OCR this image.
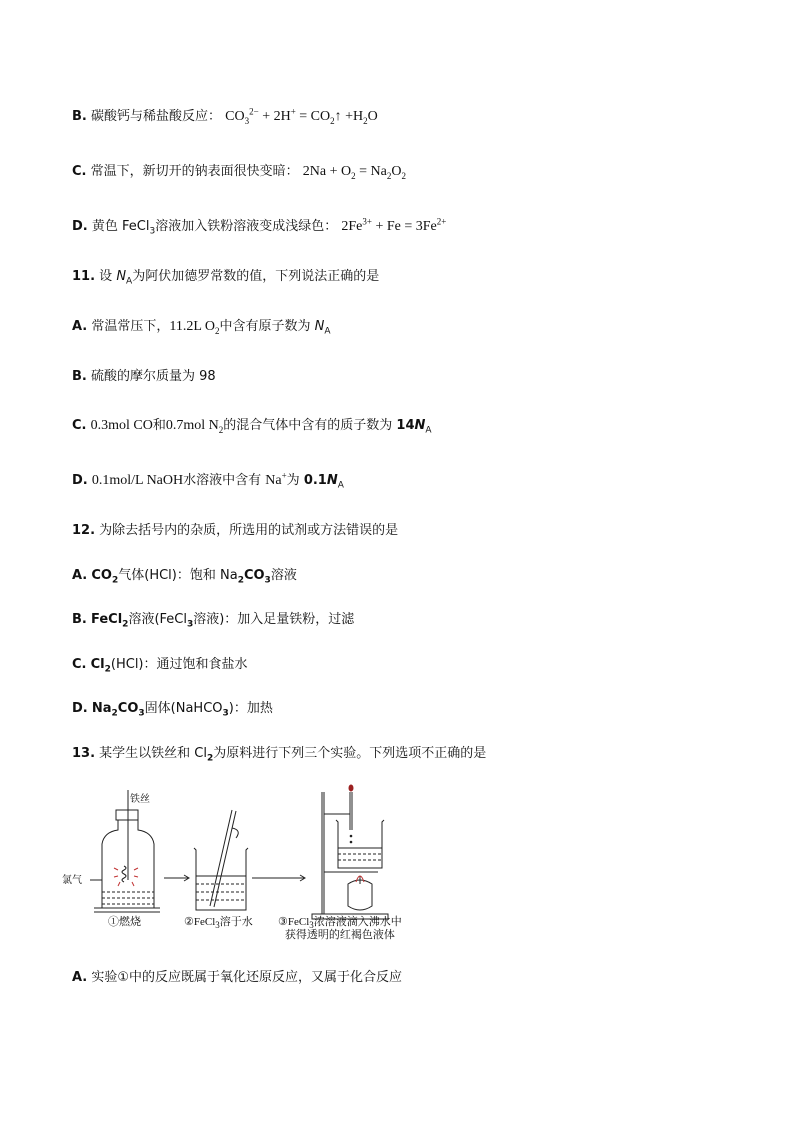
B. 碳酸钙与稀盐酸反应： $CO_3^{2-} + 2H^+$ = $CO_2↑ +H_2O$
C. 常温下，新切开的钠表面很快变暗： $2Na + O_2 = Na_2O_2$
D. 黄色 FeCl$_3$溶液加入铁粉溶液变成浅绿色： $2Fe^{3+} + Fe = 3Fe^{2+}$
11. 设 $N_A$为阿伏加德罗常数的值，下列说法正确的是
A. 常温常压下，11.2L $O_2$中含有原子数为 $N_A$
B. 硫酸的摩尔质量为 98
C. 0.3mol CO和0.7mol $N_2$的混合气体中含有的质子数为 $14N_A$
D. 0.1mol/L NaOH水溶液中含有 Na+为 $0.1N_A$
12. 为除去括号内的杂质，所选用的试剂或方法错误的是
A. $CO_2$气体(HCl)：饱和 $Na_2CO_3$溶液
B. FeCl$_2$溶液(FeCl$_3$溶液)：加入足量铁粉，过滤
C. $Cl_2(HCl)$：通过饱和食盐水
D. $Na_2CO_3$固体(NaHCO$_3$)：加热
13. 某学生以铁丝和 $Cl_2$为原料进行下列三个实验。下列选项不正确的是
铁丝
氯气
①燃烧	②FeCl$_3$溶于水 ③FeCl$_3$浓溶液滴入沸水中
获得透明的红褐色液体
A. 实验①中的反应既属于氧化还原反应，又属于化合反应
